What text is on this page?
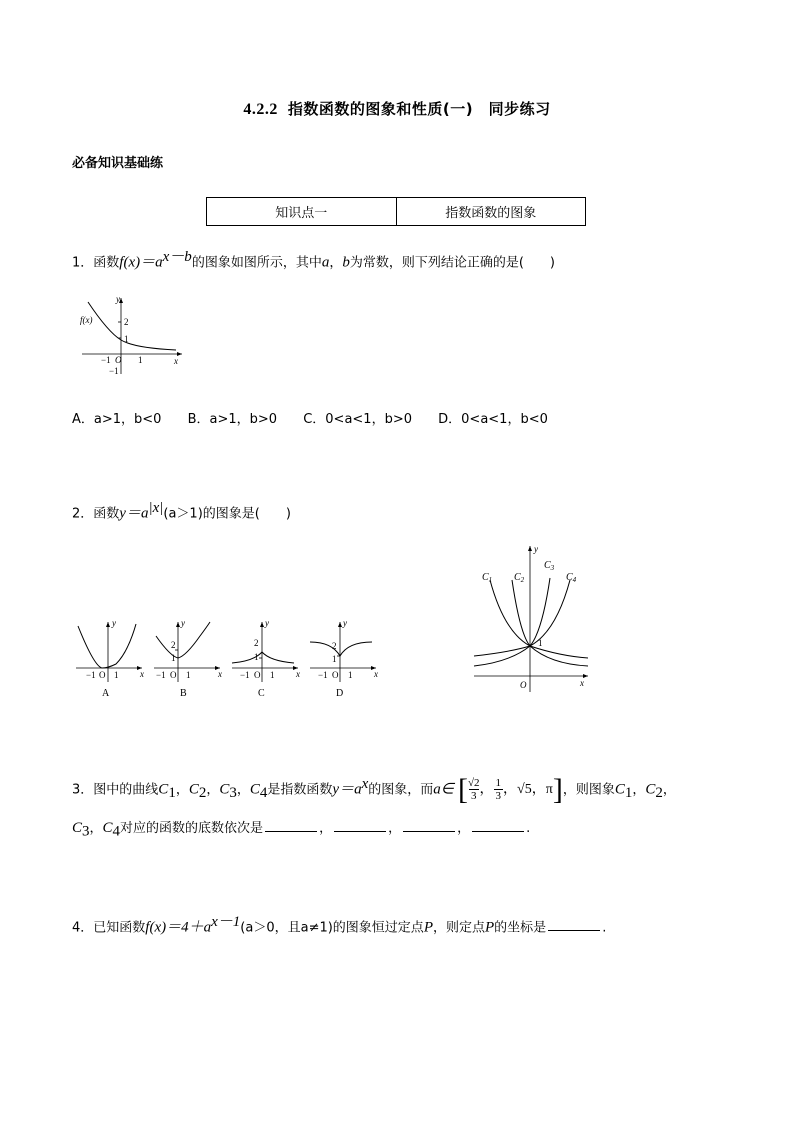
4.2.2 指数函数的图象和性质(一)　同步练习
必备知识基础练
知识点一	指数函数的图象
1．函数$f(x)=a^{x-b}$的图象如图所示，其中a，b为常数，则下列结论正确的是(　　)
f(x)
y
x
2
1
−1 O 1
−1
A．a>1，b<0 B．a>1，b>0 C．0<a<1，b>0 D．0<a<1，b<0
2．函数$y=a^{|x|}(a>1)$的图象是(　　)
y
x
−1 O 1
A
2
1
y
x
−1 O 1
B
2
1
y
x
−1 O 1
C
2
1
y
x
−1 O 1
D
$C_1$ $C_2$
$C_3$
$C_4$
y
x
O
1
3．图中的曲线$C_1$，$C_2$，$C_3$，$C_4$是指数函数$y=a^x$的图象，而a∈ [ √2
3 ， $\frac{1}{3}$ ， √5 ， π ] ，则图象$C_1$，$C_2$，
$C_3$，$C_4$对应的函数的底数依次是	，	，	，	.
4．已知函数$f(x)=4+a^{x-1}(a>0$，且a≠1)的图象恒过定点P，则定点P的坐标是	.
